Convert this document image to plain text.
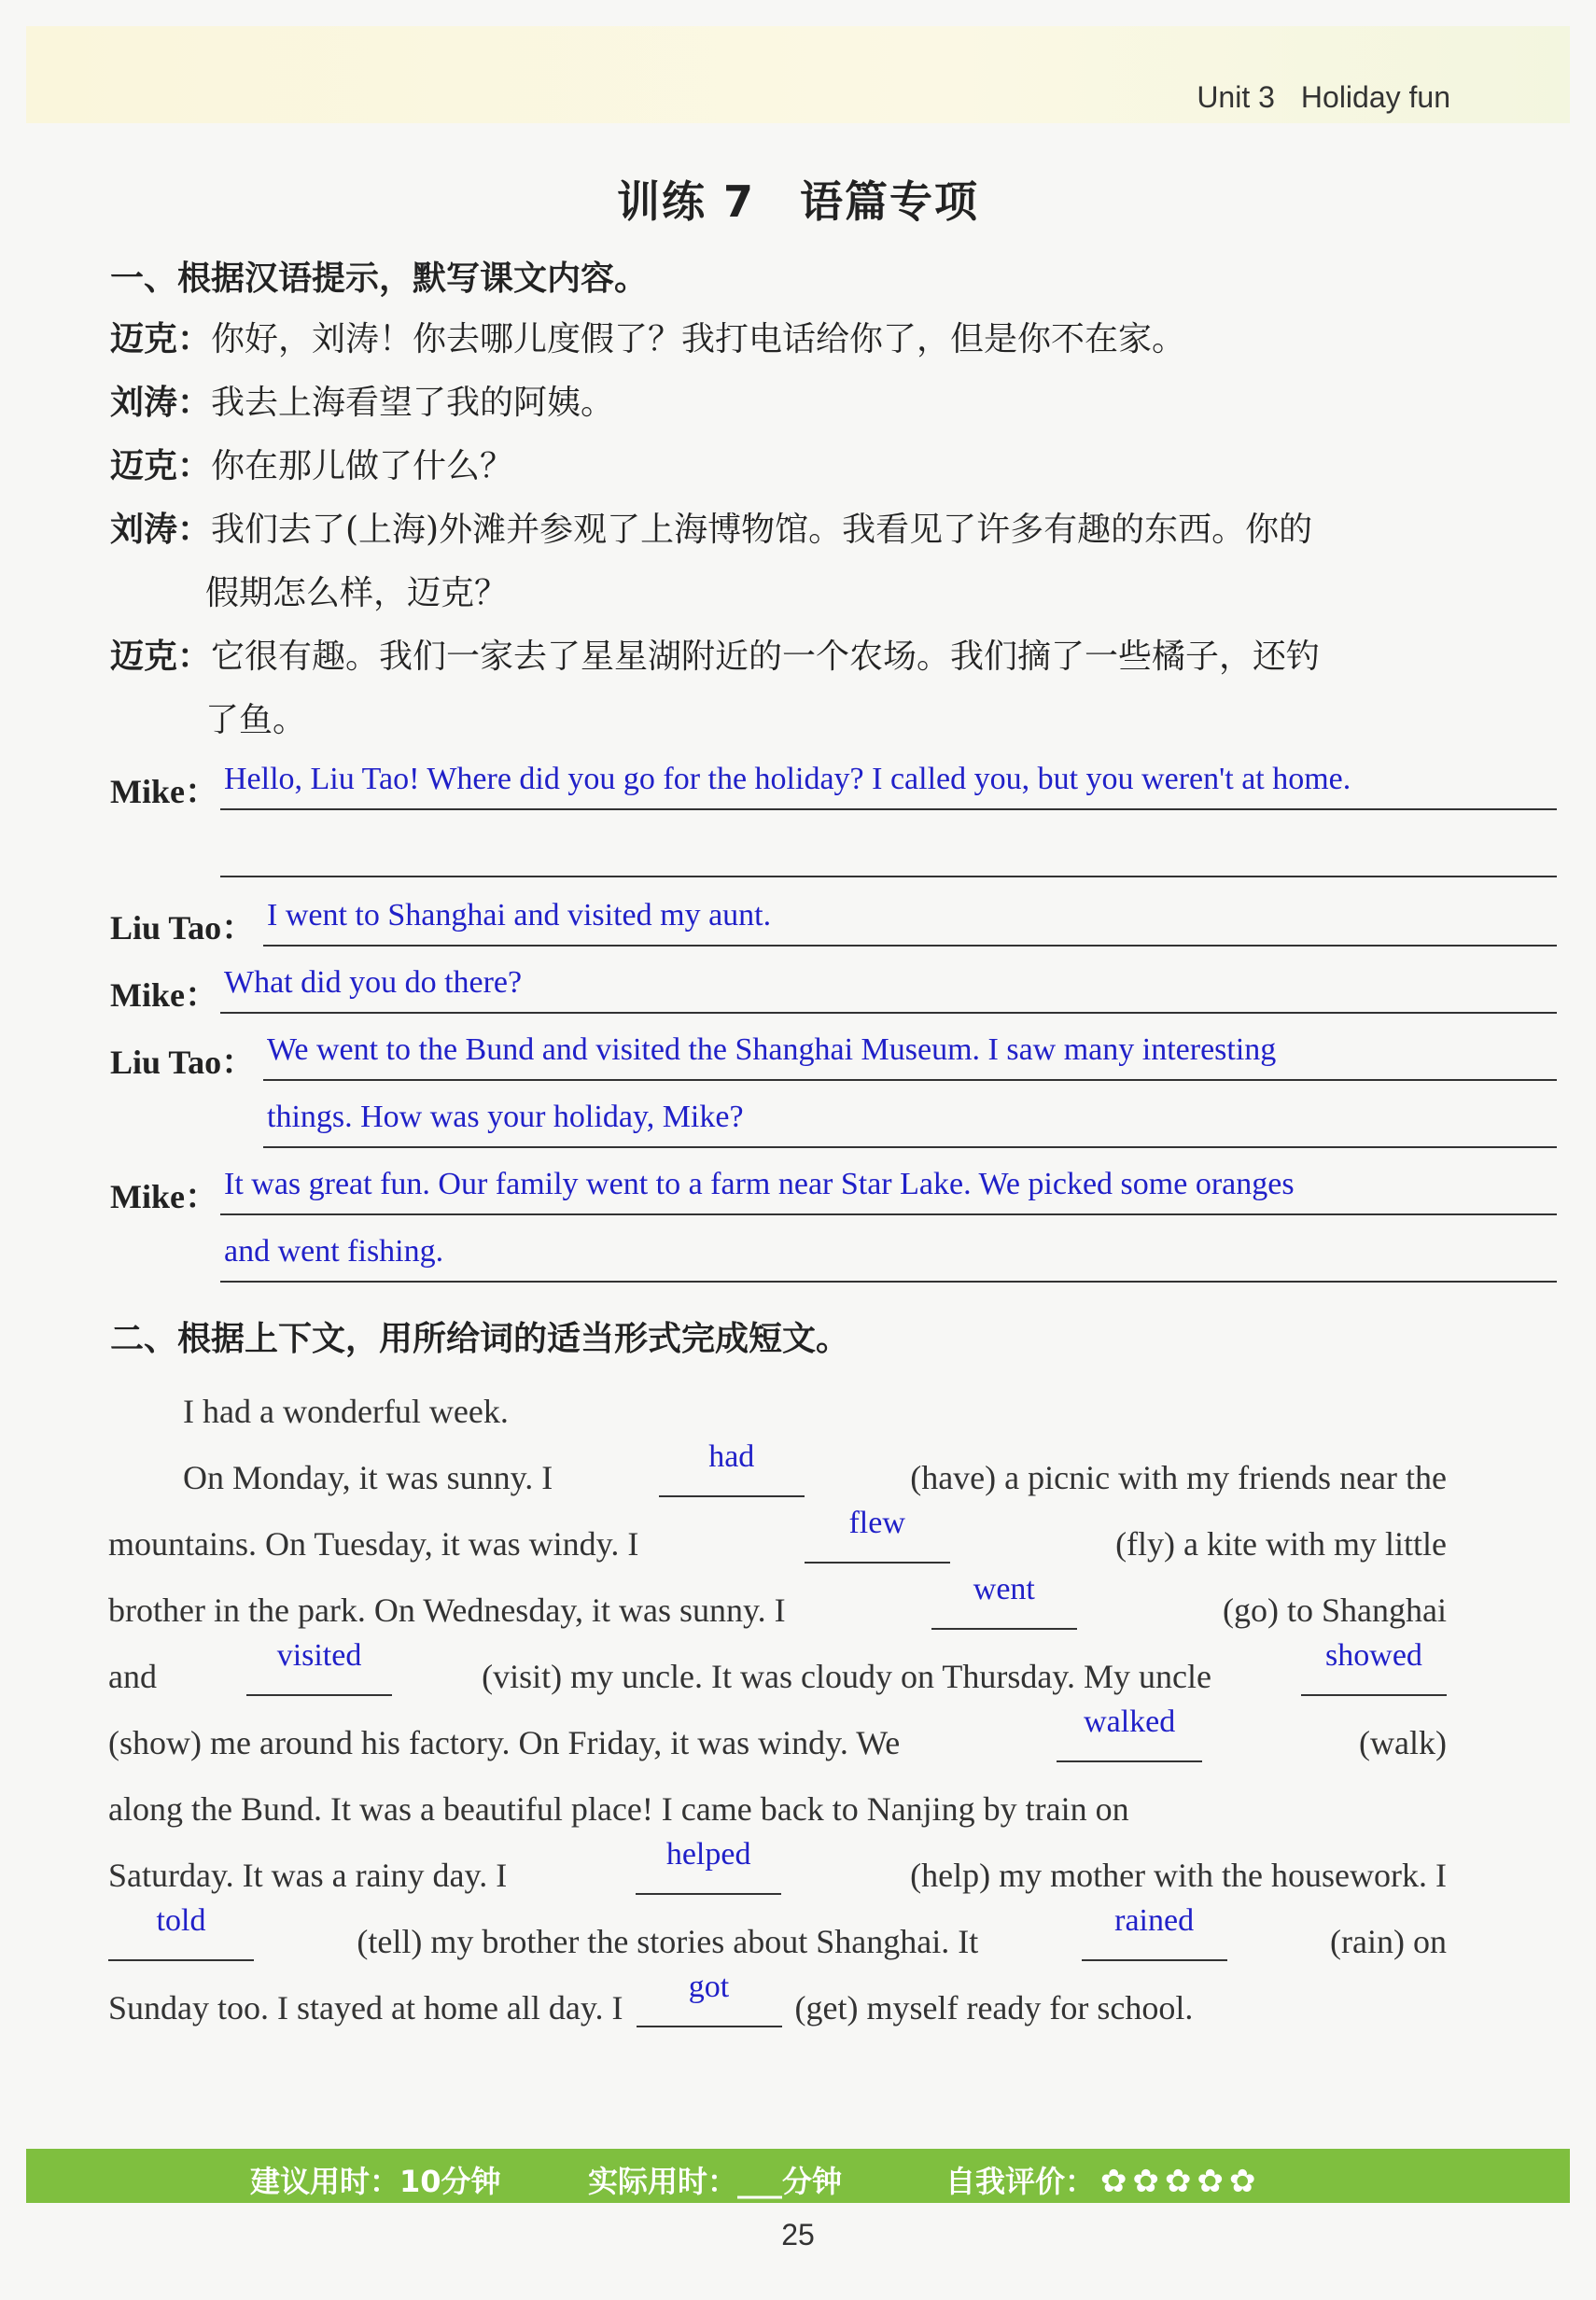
Unit 3 Holiday fun
训练 7　语篇专项
一、根据汉语提示，默写课文内容。
迈克：你好，刘涛！你去哪儿度假了？我打电话给你了，但是你不在家。
刘涛：我去上海看望了我的阿姨。
迈克：你在那儿做了什么？
刘涛：我们去了(上海)外滩并参观了上海博物馆。我看见了许多有趣的东西。你的
假期怎么样，迈克？
迈克：它很有趣。我们一家去了星星湖附近的一个农场。我们摘了一些橘子，还钓
了鱼。
Mike： Hello, Liu Tao! Where did you go for the holiday? I called you, but you weren't at home.
Liu Tao： I went to Shanghai and visited my aunt.
Mike： What did you do there?
Liu Tao： We went to the Bund and visited the Shanghai Museum. I saw many interesting
things. How was your holiday, Mike?
Mike： It was great fun. Our family went to a farm near Star Lake. We picked some oranges
and went fishing.
二、根据上下文，用所给词的适当形式完成短文。
I had a wonderful week.
On Monday, it was sunny. I
had
(have) a picnic with my friends near the
mountains. On Tuesday, it was windy. I
flew
(fly) a kite with my little
brother in the park. On Wednesday, it was sunny. I
went
(go) to Shanghai
and
visited
(visit) my uncle. It was cloudy on Thursday. My uncle
showed
(show) me around his factory. On Friday, it was windy. We
walked
(walk)
along the Bund. It was a beautiful place! I came back to Nanjing by train on
Saturday. It was a rainy day. I
helped
(help) my mother with the housework. I
told
(tell) my brother the stories about Shanghai. It
rained
(rain) on
Sunday too. I stayed at home all day. I
got
(get) myself ready for school.
建议用时：10分钟	实际用时：___分钟	自我评价： ✿ ✿ ✿ ✿ ✿
25
